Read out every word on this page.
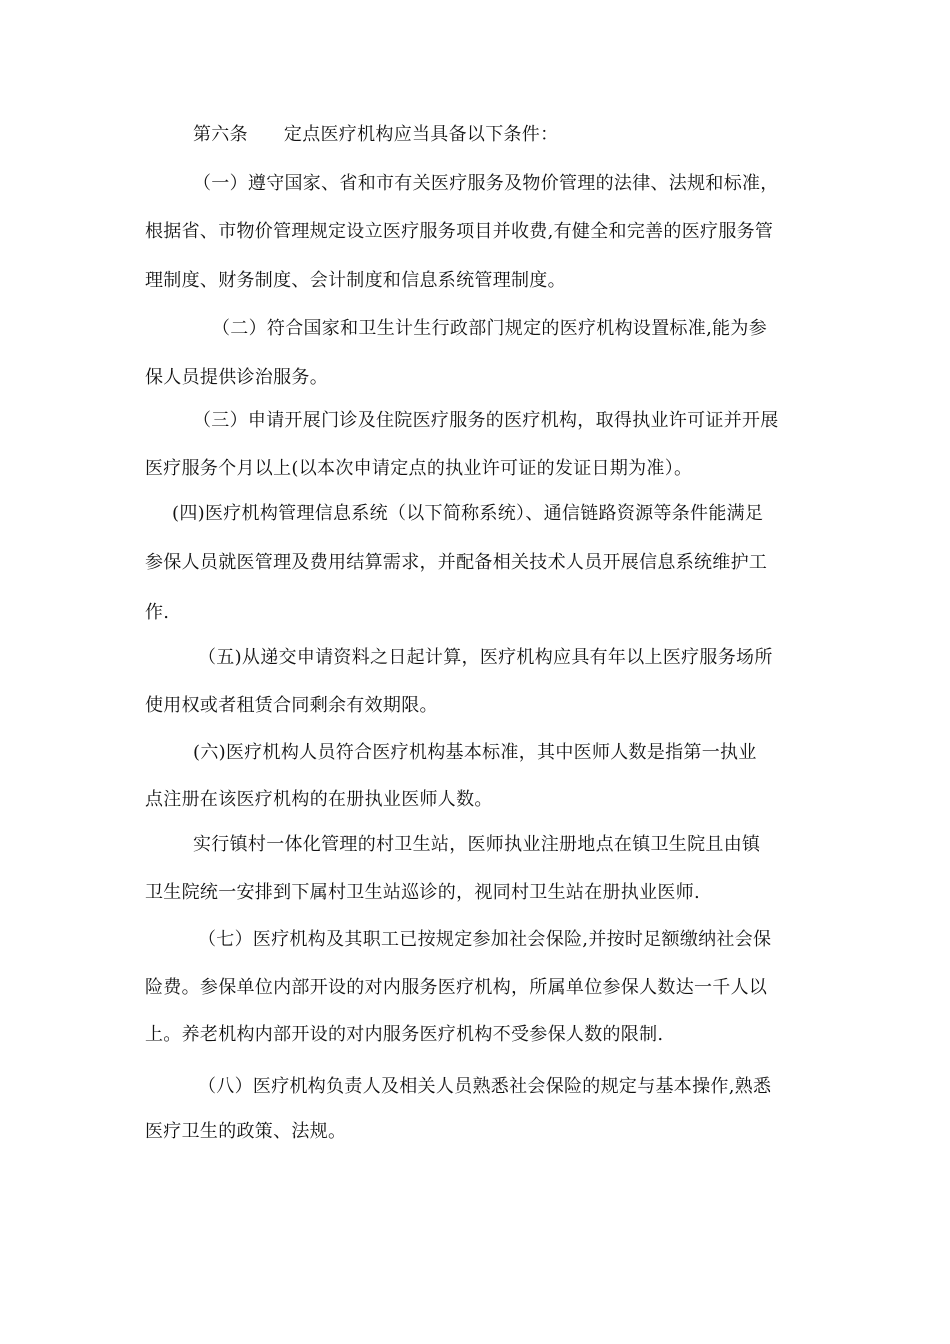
第六条 定点医疗机构应当具备以下条件：
（一）遵守国家、省和市有关医疗服务及物价管理的法律、法规和标准，
根据省、市物价管理规定设立医疗服务项目并收费,有健全和完善的医疗服务管
理制度、财务制度、会计制度和信息系统管理制度。
（二）符合国家和卫生计生行政部门规定的医疗机构设置标准,能为参
保人员提供诊治服务。
（三）申请开展门诊及住院医疗服务的医疗机构，取得执业许可证并开展
医疗服务个月以上(以本次申请定点的执业许可证的发证日期为准）。
(四)医疗机构管理信息系统（以下简称系统）、通信链路资源等条件能满足
参保人员就医管理及费用结算需求，并配备相关技术人员开展信息系统维护工
作.
（五)从递交申请资料之日起计算，医疗机构应具有年以上医疗服务场所
使用权或者租赁合同剩余有效期限。
(六)医疗机构人员符合医疗机构基本标准，其中医师人数是指第一执业
点注册在该医疗机构的在册执业医师人数。
实行镇村一体化管理的村卫生站，医师执业注册地点在镇卫生院且由镇
卫生院统一安排到下属村卫生站巡诊的，视同村卫生站在册执业医师.
（七）医疗机构及其职工已按规定参加社会保险,并按时足额缴纳社会保
险费。参保单位内部开设的对内服务医疗机构，所属单位参保人数达一千人以
上。养老机构内部开设的对内服务医疗机构不受参保人数的限制.
（八）医疗机构负责人及相关人员熟悉社会保险的规定与基本操作,熟悉
医疗卫生的政策、法规。
